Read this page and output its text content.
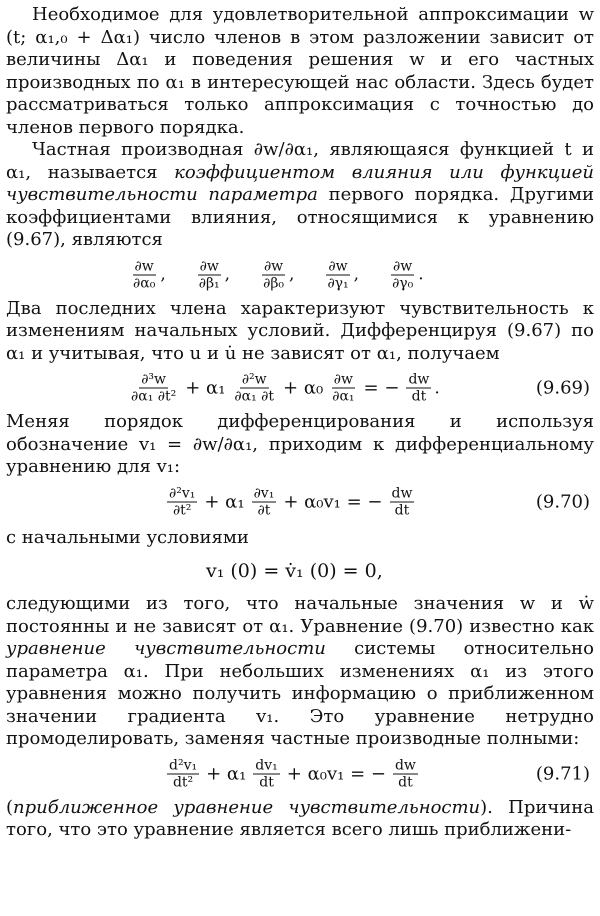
Необходимое для удовлетворительной аппроксимации w (t; α₁,₀ + Δα₁) число членов в этом разложении зависит от величины Δα₁ и поведения решения w и его частных производных по α₁ в интересующей нас области. Здесь будет рассматриваться только аппроксимация с точностью до членов первого порядка.

Частная производная ∂w/∂α₁, являющаяся функцией t и α₁, называется коэффициентом влияния или функцией чувствительности параметра первого порядка. Другими коэффициентами влияния, относящимися к уравнению (9.67), являются

$\frac{\partial w}{\text{∂α₀}}$ , $\frac{\partial w}{\text{∂β₁}}$ , $\frac{\partial w}{\text{∂β₀}}$ , $\frac{\partial w}{\text{∂γ₁}}$ , $\frac{\partial w}{\text{∂γ₀}}$ .

Два последних члена характеризуют чувствительность к изменениям начальных условий. Дифференцируя (9.67) по α₁ и учитывая, что u и u̇ не зависят от α₁, получаем

$\frac{\text{∂³w}}{\text{∂α₁ ∂t²}} + \alpha_1 \frac{\text{∂²w}}{\text{∂α₁ ∂t}} + \alpha_0 \frac{\partial w}{\text{∂α₁}}$ = − $\frac{dw}{dt}$ .	(9.69)

Меняя порядок дифференцирования и используя обозначение v₁ = ∂w/∂α₁, приходим к дифференциальному уравнению для v₁:

$\frac{\text{∂²v₁}}{\text{∂t²}} + \alpha_1 \frac{\text{∂v₁}}{\partial t} + \alpha_0v_1$ = − $\frac{dw}{dt}$	(9.70)

с начальными условиями

v₁ (0) = v̇₁ (0) = 0,

следующими из того, что начальные значения w и ẇ постоянны и не зависят от α₁. Уравнение (9.70) известно как уравнение чувствительности системы относительно параметра α₁. При небольших изменениях α₁ из этого уравнения можно получить информацию о приближенном значении градиента v₁. Это уравнение нетрудно промоделировать, заменяя частные производные полными:

$\frac{\text{d²v₁}}{\text{dt²}} + \alpha_1 \frac{\text{dv₁}}{dt} + \alpha_0v_1$ = − $\frac{dw}{dt}$	(9.71)

(приближенное уравнение чувствительности). Причина того, что это уравнение является всего лишь приближени-
